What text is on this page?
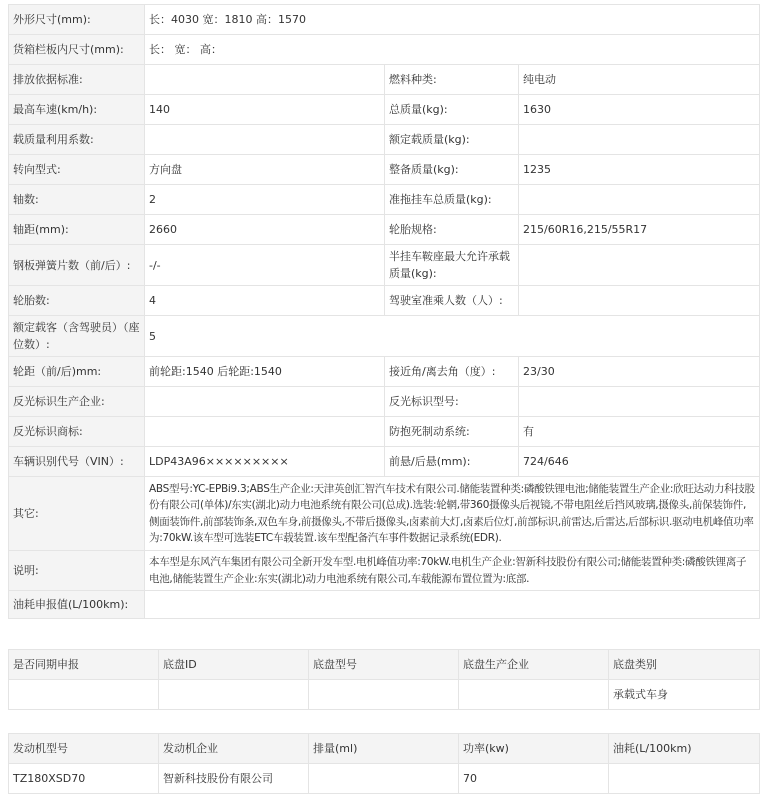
外形尺寸(mm):	长：4030 宽：1810 高：1570		
货箱栏板内尺寸(mm):	长： 宽： 高：		
排放依据标准:		燃料种类:	纯电动
最高车速(km/h):	140	总质量(kg):	1630
载质量利用系数:		额定载质量(kg):	
转向型式:	方向盘	整备质量(kg):	1235
轴数:	2	准拖挂车总质量(kg):	
轴距(mm):	2660	轮胎规格:	215/60R16,215/55R17
钢板弹簧片数（前/后）:	-/-	半挂车鞍座最大允许承载质量(kg):	
轮胎数:	4	驾驶室准乘人数（人）:	
额定载客（含驾驶员）（座位数）:	5		
轮距（前/后)mm:	前轮距:1540 后轮距:1540	接近角/离去角（度）:	23/30
反光标识生产企业:		反光标识型号:	
反光标识商标:		防抱死制动系统:	有
车辆识别代号（VIN）:	LDP43A96×××××××××	前悬/后悬(mm):	724/646
其它:	ABS型号:YC-EPBi9.3;ABS生产企业:天津英创汇智汽车技术有限公司.储能装置种类:磷酸铁锂电池;储能装置生产企业:欣旺达动力科技股份有限公司(单体)/东实(湖北)动力电池系统有限公司(总成).选装:轮辋,带360摄像头后视镜,不带电阻丝后挡风玻璃,摄像头,前保装饰件,侧面装饰件,前部装饰条,双色车身,前摄像头,不带后摄像头,卤素前大灯,卤素后位灯,前部标识,前雷达,后雷达,后部标识.驱动电机峰值功率为:70kW.该车型可选装ETC车载装置.该车型配备汽车事件数据记录系统(EDR).		
说明:	本车型是东风汽车集团有限公司全新开发车型.电机峰值功率:70kW.电机生产企业:智新科技股份有限公司;储能装置种类:磷酸铁锂离子电池,储能装置生产企业:东实(湖北)动力电池系统有限公司,车载能源布置位置为:底部.		
油耗申报值(L/100km):			
是否同期申报	底盘ID	底盘型号	底盘生产企业	底盘类别
				承载式车身
发动机型号	发动机企业	排量(ml)	功率(kw)	油耗(L/100km)
TZ180XSD70	智新科技股份有限公司		70	
